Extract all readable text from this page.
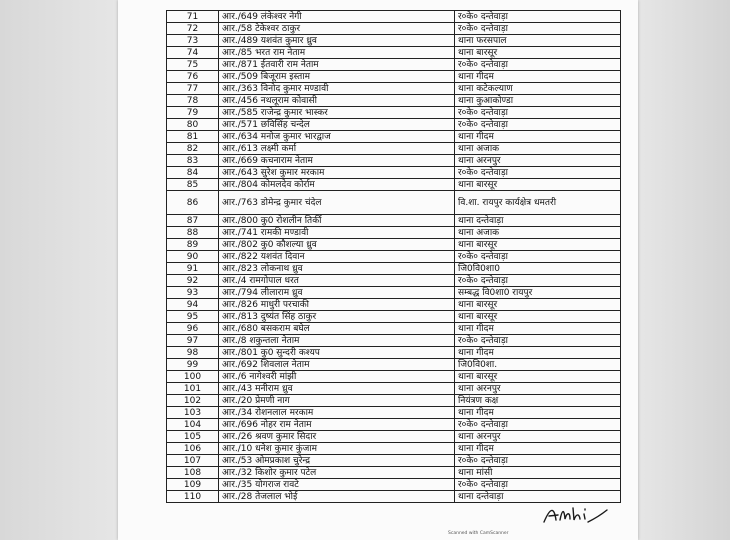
71	आर./649 लंकेश्वर नेगी	र०के० दन्तेवाड़ा
72	आर./58 टेकेश्वर ठाकुर	र०के० दन्तेवाड़ा
73	आर./489 यशवंत कुमार ध्रुव	थाना फरसपाल
74	आर./85 भरत राम नेताम	थाना बारसूर
75	आर./871 ईतवारी राम नेताम	र०के० दन्तेवाड़ा
76	आर./509 बिजूराम इस्ताम	थाना गीदम
77	आर./363 विनोद कुमार मण्डावी	थाना कटेकल्याण
78	आर./456 नथलूराम कोवासी	थाना कुआकोण्डा
79	आर./585 राजेन्द्र कुमार भास्कर	र०के० दन्तेवाड़ा
80	आर./571 छविसिंह चन्देल	र०के० दन्तेवाड़ा
81	आर./634 मनोज कुमार भारद्वाज	थाना गीदम
82	आर./613 लक्ष्मी कर्मा	थाना अजाक
83	आर./669 कचनाराम नेताम	थाना अरनपुर
84	आर./643 सुरेश कुमार मरकाम	र०के० दन्तेवाड़ा
85	आर./804 कोमलदेव कोर्राम	थाना बारसूर
86	आर./763 डोमेन्द्र कुमार चंदेल	वि.शा. रायपुर कार्यक्षेत्र धमतरी
87	आर./800 कु0 रोशलीन तिर्की	थाना दन्तेवाड़ा
88	आर./741 रामकी मण्डावी	थाना अजाक
89	आर./802 कु0 कौशल्या ध्रुव	थाना बारसूर
90	आर./822 यशवंत दिवान	र०के० दन्तेवाड़ा
91	आर./823 लोकनाथ ध्रुव	जि0वि0शा0
92	आर./4 रामगोपाल धरत	र०के० दन्तेवाड़ा
93	आर./794 लीलाराम ध्रुव	सम्बद्ध वि0शा0 रायपुर
94	आर./826 माधुरी परचाकी	थाना बारसूर
95	आर./813 दुष्यंत सिंह ठाकुर	थाना बारसूर
96	आर./680 बसकराम बघेल	थाना गीदम
97	आर./8 शकुन्तला नेताम	र०के० दन्तेवाड़ा
98	आर./801 कु0 सुन्दरी कश्यप	थाना गीदम
99	आर./692 शिवलाल नेताम	जि0वि0शा.
100	आर./6 नागेश्वरी मांझी	थाना बारसूर
101	आर./43 मनीराम ध्रुव	थाना अरनपुर
102	आर./20 प्रेमणी नाग	नियंत्रण कक्ष
103	आर./34 रोशनलाल मरकाम	थाना गीदम
104	आर./696 नोहर राम नेताम	र०के० दन्तेवाड़ा
105	आर./26 श्रवण कुमार सिदार	थाना अरनपुर
106	आर./10 धनेश कुमार कुंजाम	थाना गीदम
107	आर./53 ओमप्रकाश चुरेन्द्र	र०के० दन्तेवाड़ा
108	आर./32 किशोर कुमार पटेल	थाना मांसी
109	आर./35 योगराज रावटे	र०के० दन्तेवाड़ा
110	आर./28 तेजलाल भोई	थाना दन्तेवाड़ा
Scanned with CamScanner
